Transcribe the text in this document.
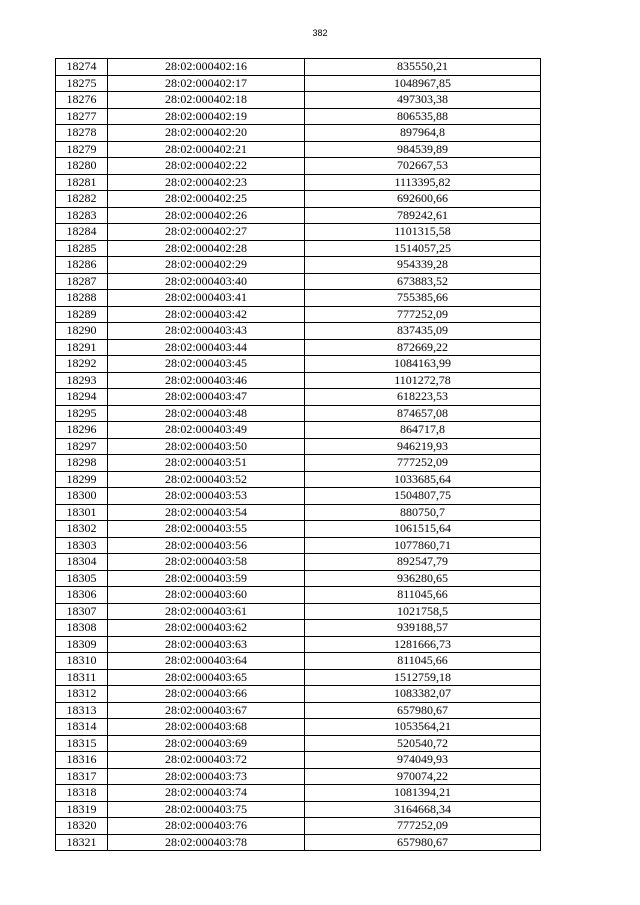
382
18274	28:02:000402:16	835550,21
18275	28:02:000402:17	1048967,85
18276	28:02:000402:18	497303,38
18277	28:02:000402:19	806535,88
18278	28:02:000402:20	897964,8
18279	28:02:000402:21	984539,89
18280	28:02:000402:22	702667,53
18281	28:02:000402:23	1113395,82
18282	28:02:000402:25	692600,66
18283	28:02:000402:26	789242,61
18284	28:02:000402:27	1101315,58
18285	28:02:000402:28	1514057,25
18286	28:02:000402:29	954339,28
18287	28:02:000403:40	673883,52
18288	28:02:000403:41	755385,66
18289	28:02:000403:42	777252,09
18290	28:02:000403:43	837435,09
18291	28:02:000403:44	872669,22
18292	28:02:000403:45	1084163,99
18293	28:02:000403:46	1101272,78
18294	28:02:000403:47	618223,53
18295	28:02:000403:48	874657,08
18296	28:02:000403:49	864717,8
18297	28:02:000403:50	946219,93
18298	28:02:000403:51	777252,09
18299	28:02:000403:52	1033685,64
18300	28:02:000403:53	1504807,75
18301	28:02:000403:54	880750,7
18302	28:02:000403:55	1061515,64
18303	28:02:000403:56	1077860,71
18304	28:02:000403:58	892547,79
18305	28:02:000403:59	936280,65
18306	28:02:000403:60	811045,66
18307	28:02:000403:61	1021758,5
18308	28:02:000403:62	939188,57
18309	28:02:000403:63	1281666,73
18310	28:02:000403:64	811045,66
18311	28:02:000403:65	1512759,18
18312	28:02:000403:66	1083382,07
18313	28:02:000403:67	657980,67
18314	28:02:000403:68	1053564,21
18315	28:02:000403:69	520540,72
18316	28:02:000403:72	974049,93
18317	28:02:000403:73	970074,22
18318	28:02:000403:74	1081394,21
18319	28:02:000403:75	3164668,34
18320	28:02:000403:76	777252,09
18321	28:02:000403:78	657980,67
